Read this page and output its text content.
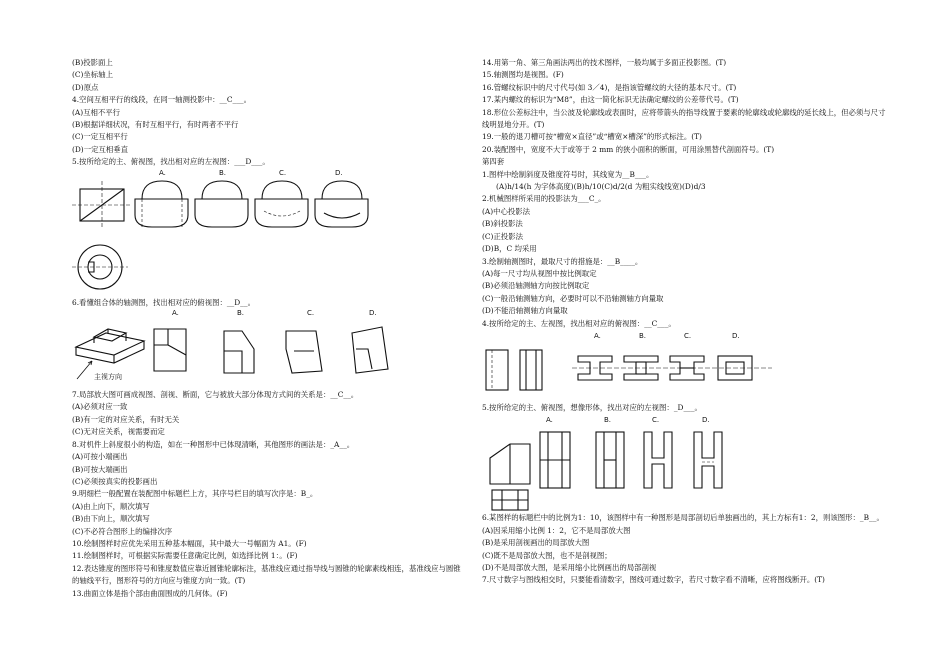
(B)投影面上
(C)坐标轴上
(D)原点
4.空间互相平行的线段，在同一轴测投影中：__C___。
(A)互相不平行
(B)根据详细状况，有时互相平行，有时两者不平行
(C)一定互相平行
(D)一定互相垂直
5.按所给定的主、俯视图，找出相对应的左视图：___D___。
A.	B.	C.	D.
6.看懂组合体的轴测图，找出相对应的俯视图：__D__。
A.	B.	C.	D.
主视方向
7.局部放大图可画成视图、剖视、断面，它与被放大部分体现方式间的关系是：__C__。
(A)必须对应一致
(B)有一定的对应关系，有时无关
(C)无对应关系，视需要而定
8.对机件上斜度很小的构造，如在一种图形中已体现清晰，其他图形的画法是：_A__。
(A)可按小端画出
(B)可按大端画出
(C)必须按真实的投影画出
9.明细栏一般配置在装配图中标题栏上方，其序号栏目的填写次序是：B_。
(A)由上向下，顺次填写
(B)由下向上，顺次填写
(C)不必符合图形上的编排次序
10.绘制图样时应优先采用五种基本幅面，其中最大一号幅面为 A1。(F)
11.绘制图样时，可根据实际需要任意确定比例，如选择比例 1：。(F)
12.表达锥度的图形符号和锥度数值应靠近圆锥轮廓标注，基准线应通过指导线与圆锥的轮廓素线相连，基准线应与圆锥的轴线平行，图形符号的方向应与锥度方向一致。(T)
13.曲面立体是指个部由曲面围成的几何体。(F)
14.用第一角、第三角画法两出的技术图样，一般均属于多面正投影图。(T)
15.轴测图均是视图。(F)
16.管螺纹标识中的尺寸代号(如 3／4)，是指该管螺纹的大径的基本尺寸。(T)
17.某内螺纹的标识为“M8”，由这一简化标识无法确定螺纹的公差带代号。(T)
18.形位公差标注中，当公波及轮廓线或表面时，应将带箭头的指导线置于要素的轮廓线或轮廓线的延长线上，但必须与尺寸线明显地分开。(T)
19.一般的退刀槽可按“槽宽×直径”或“槽宽×槽深”的形式标注。(T)
20.装配图中，宽度不大于或等于 2 mm 的狭小面积的断面，可用涂黑替代剖面符号。(T)
第四套
1.图样中绘制斜度及锥度符号时，其线宽为__B___。
(A)h/14(h 为字体高度)(B)h/10(C)d/2(d 为粗实线线宽)(D)d/3
2.机械图样所采用的投影法为___C_。
(A)中心投影法
(B)斜投影法
(C)正投影法
(D)B，C 均采用
3.绘制轴测图时，最取尺寸的措施是：__B____。
(A)每一尺寸均从视图中按比例取定
(B)必须沿轴测轴方向按比例取定
(C)一般沿轴测轴方向，必要时可以不沿轴测轴方向量取
(D)不能沿轴测轴方向量取
4.按所给定的主、左视图，找出相对应的俯视图：__C___。
A.	B.	C.	D.
5.按所给定的主、俯视图，想像形体，找出对应的左视图：_D___。
A.	B.	C.	D.
6.某图样的标题栏中的比例为1：10，该图样中有一种图形是局部剖切后单独画出的，其上方标有1：2，则该图形：_B__。
(A)因采用缩小比例 1：2，它不是局部放大图
(B)是采用剖视画出的局部放大图
(C)既不是局部放大图，也不是剖视图；
(D)不是局部放大图，是采用缩小比例画出的局部剖视
7.尺寸数字与图线相交时，只要能看清数字，图线可通过数字，若尺寸数字看不清晰，应将图线断开。(T)
